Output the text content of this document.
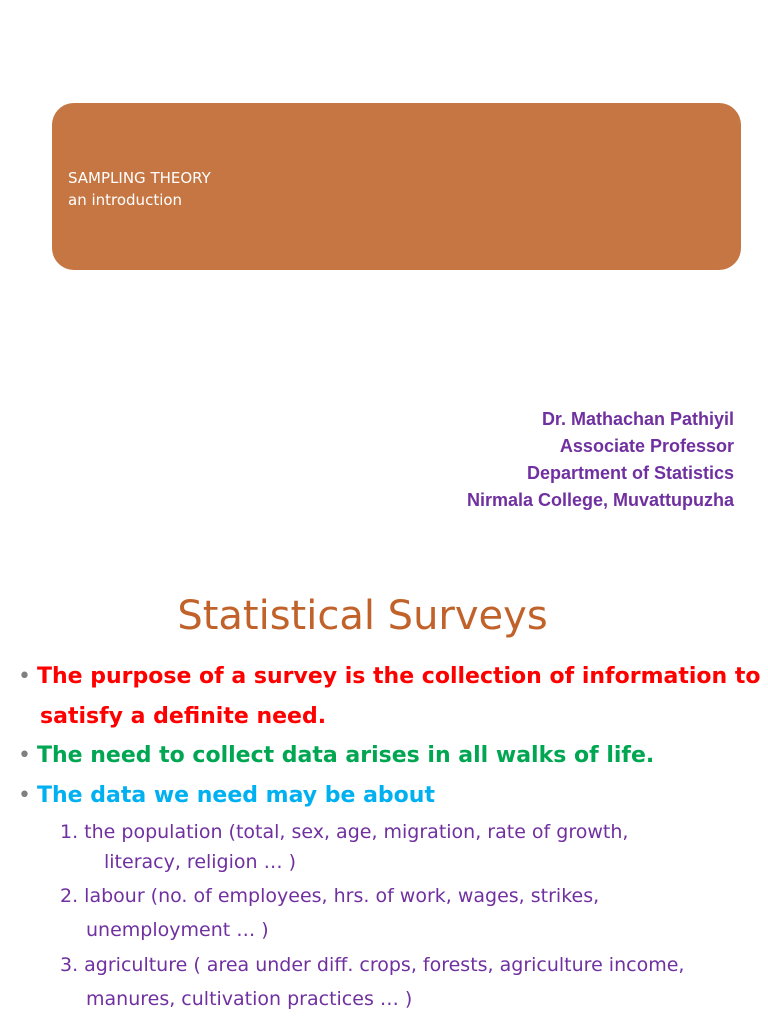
SAMPLING THEORY
an introduction
Dr. Mathachan Pathiyil
Associate Professor
Department of Statistics
Nirmala College, Muvattupuzha
Statistical Surveys
• The purpose of a survey is the collection of information to
satisfy a definite need.
• The need to collect data arises in all walks of life.
• The data we need may be about
1. the population (total, sex, age, migration, rate of growth,
literacy, religion … )
2. labour (no. of employees, hrs. of work, wages, strikes,
unemployment … )
3. agriculture ( area under diff. crops, forests, agriculture income,
manures, cultivation practices … )
